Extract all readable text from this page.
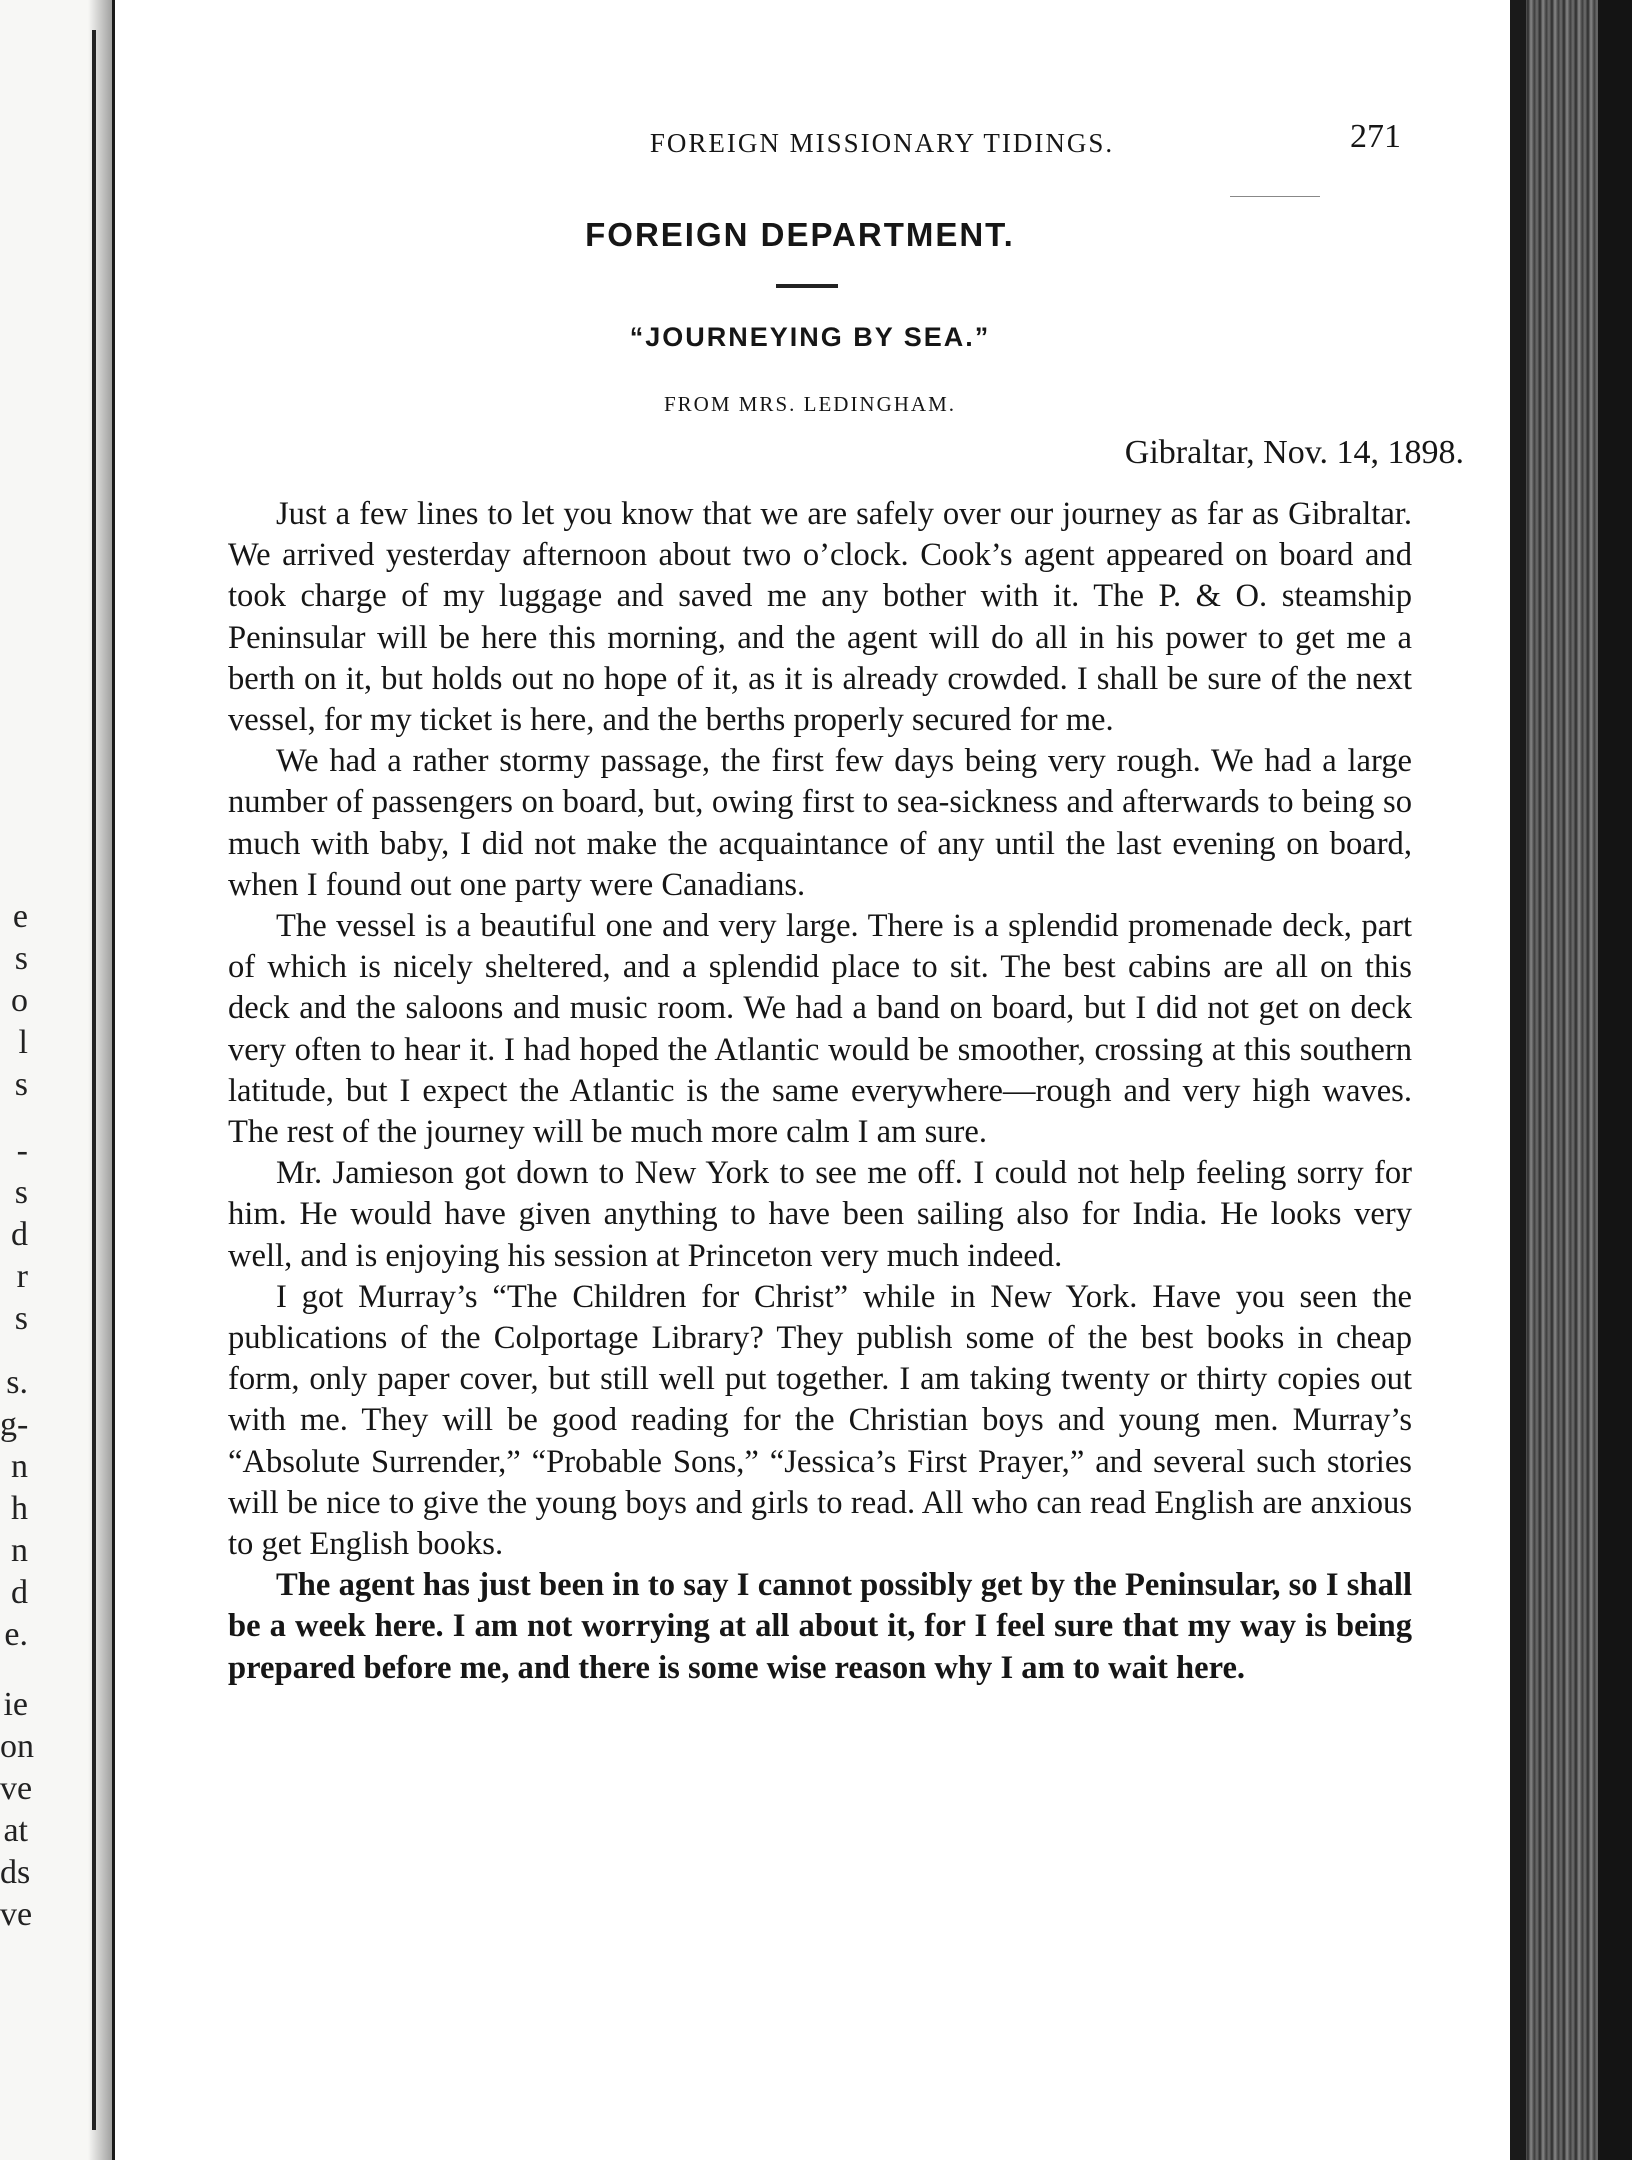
e
s
o
l
s
-
s
d
r
s
s.
g-
n
h
n
d
e.
ie
on
ve
at
ds
ve
FOREIGN MISSIONARY TIDINGS.	271
FOREIGN DEPARTMENT.
“JOURNEYING BY SEA.”
FROM MRS. LEDINGHAM.
Gibraltar, Nov. 14, 1898.

Just a few lines to let you know that we are safely over our journey as far as Gibraltar. We arrived yesterday afternoon about two o’clock. Cook’s agent appeared on board and took charge of my luggage and saved me any bother with it. The P. & O. steamship Peninsular will be here this morning, and the agent will do all in his power to get me a berth on it, but holds out no hope of it, as it is already crowded. I shall be sure of the next vessel, for my ticket is here, and the berths properly secured for me.

We had a rather stormy passage, the first few days being very rough. We had a large number of passengers on board, but, owing first to sea-sickness and afterwards to being so much with baby, I did not make the acquaintance of any until the last evening on board, when I found out one party were Canadians.

The vessel is a beautiful one and very large. There is a splendid promenade deck, part of which is nicely sheltered, and a splendid place to sit. The best cabins are all on this deck and the saloons and music room. We had a band on board, but I did not get on deck very often to hear it. I had hoped the Atlantic would be smoother, crossing at this southern latitude, but I expect the Atlantic is the same everywhere—rough and very high waves. The rest of the journey will be much more calm I am sure.

Mr. Jamieson got down to New York to see me off. I could not help feeling sorry for him. He would have given anything to have been sailing also for India. He looks very well, and is enjoying his session at Princeton very much indeed.

I got Murray’s “The Children for Christ” while in New York. Have you seen the publications of the Colportage Library? They publish some of the best books in cheap form, only paper cover, but still well put together. I am taking twenty or thirty copies out with me. They will be good reading for the Christian boys and young men. Murray’s “Absolute Surrender,” “Probable Sons,” “Jessica’s First Prayer,” and several such stories will be nice to give the young boys and girls to read. All who can read English are anxious to get English books.

The agent has just been in to say I cannot possibly get by the Peninsular, so I shall be a week here. I am not worrying at all about it, for I feel sure that my way is being prepared before me, and there is some wise reason why I am to wait here.
